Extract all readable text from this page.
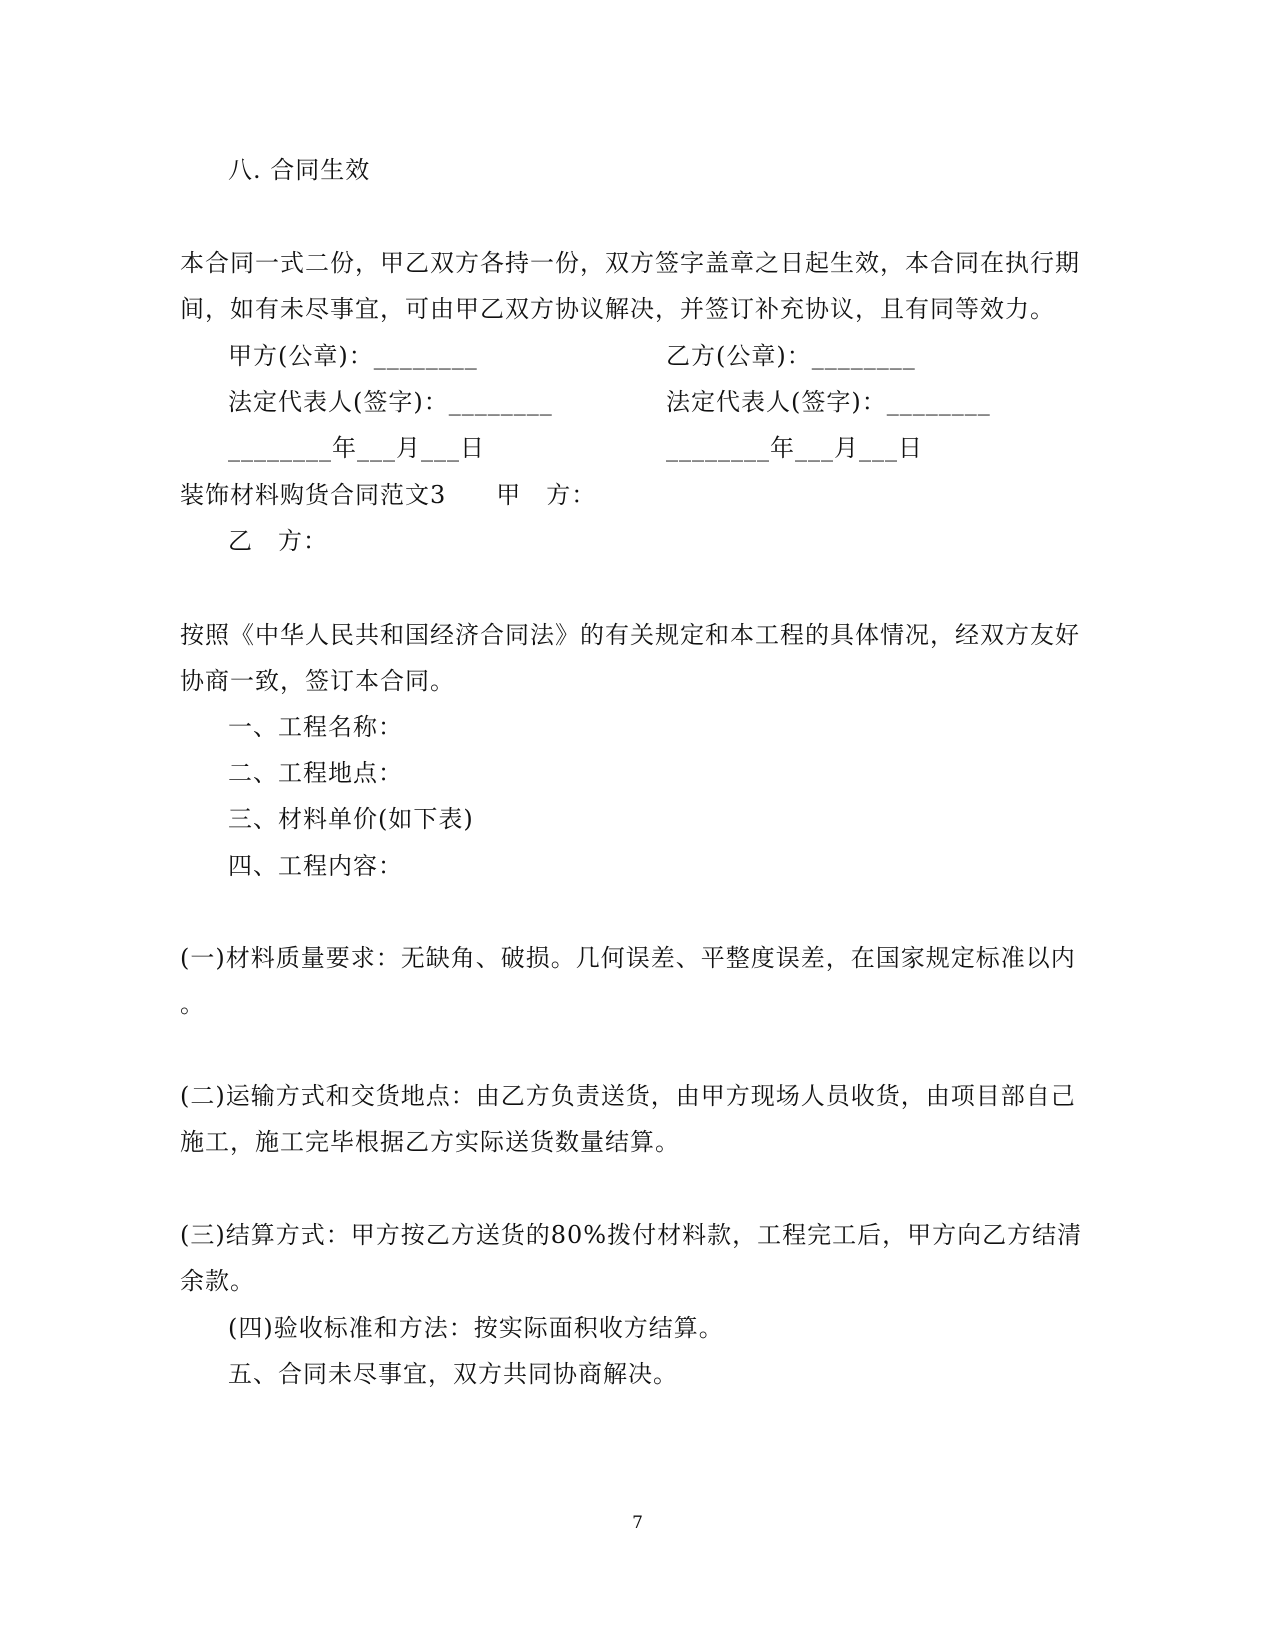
八. 合同生效
本合同一式二份，甲乙双方各持一份，双方签字盖章之日起生效，本合同在执行期
间，如有未尽事宜，可由甲乙双方协议解决，并签订补充协议，且有同等效力。
甲方(公章)：________	乙方(公章)：________
法定代表人(签字)：________	法定代表人(签字)：________
________年___月___日	________年___月___日
装饰材料购货合同范文3　　甲　方：
乙　方：
按照《中华人民共和国经济合同法》的有关规定和本工程的具体情况，经双方友好
协商一致，签订本合同。
一、工程名称：
二、工程地点：
三、材料单价(如下表)
四、工程内容：
(一)材料质量要求：无缺角、破损。几何误差、平整度误差，在国家规定标准以内
。
(二)运输方式和交货地点：由乙方负责送货，由甲方现场人员收货，由项目部自己
施工，施工完毕根据乙方实际送货数量结算。
(三)结算方式：甲方按乙方送货的80%拨付材料款，工程完工后，甲方向乙方结清
余款。
(四)验收标准和方法：按实际面积收方结算。
五、合同未尽事宜，双方共同协商解决。
7
